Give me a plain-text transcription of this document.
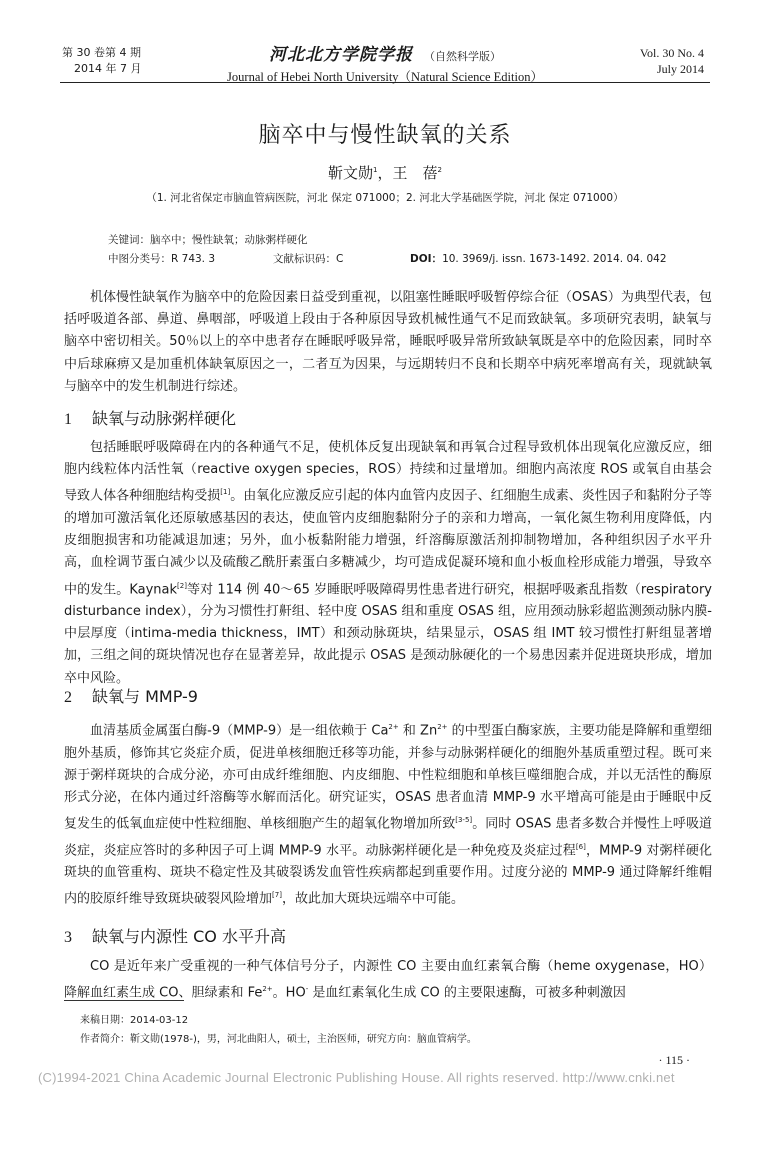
第 30 卷第 4 期
2014 年 7 月
河北北方学院学报 （自然科学版）
Journal of Hebei North University（Natural Science Edition）
Vol. 30 No. 4
July 2014
脑卒中与慢性缺氧的关系
靳文勋$^1$，王　蓓$^2$
（1. 河北省保定市脑血管病医院，河北 保定 071000；2. 河北大学基础医学院，河北 保定 071000）
关键词：脑卒中；慢性缺氧；动脉粥样硬化
中图分类号：R 743. 3	文献标识码：C	DOI：10. 3969/j. issn. 1673-1492. 2014. 04. 042

机体慢性缺氧作为脑卒中的危险因素日益受到重视，以阻塞性睡眠呼吸暂停综合征（OSAS）为典型代表，包括呼吸道各部、鼻道、鼻咽部，呼吸道上段由于各种原因导致机械性通气不足而致缺氧。多项研究表明，缺氧与脑卒中密切相关。50％以上的卒中患者存在睡眠呼吸异常，睡眠呼吸异常所致缺氧既是卒中的危险因素，同时卒中后球麻痹又是加重机体缺氧原因之一，二者互为因果，与远期转归不良和长期卒中病死率增高有关，现就缺氧与脑卒中的发生机制进行综述。

1 缺氧与动脉粥样硬化

包括睡眠呼吸障碍在内的各种通气不足，使机体反复出现缺氧和再氧合过程导致机体出现氧化应激反应，细胞内线粒体内活性氧（reactive oxygen species，ROS）持续和过量增加。细胞内高浓度 ROS 或氧自由基会导致人体各种细胞结构受损[1]。由氧化应激反应引起的体内血管内皮因子、红细胞生成素、炎性因子和黏附分子等的增加可激活氧化还原敏感基因的表达，使血管内皮细胞黏附分子的亲和力增高，一氧化氮生物利用度降低，内皮细胞损害和功能减退加速；另外，血小板黏附能力增强，纤溶酶原激活剂抑制物增加，各种组织因子水平升高，血栓调节蛋白减少以及硫酸乙酰肝素蛋白多糖减少，均可造成促凝环境和血小板血栓形成能力增强，导致卒中的发生。Kaynak[2]等对 114 例 40～65 岁睡眠呼吸障碍男性患者进行研究，根据呼吸紊乱指数（respiratory disturbance index），分为习惯性打鼾组、轻中度 OSAS 组和重度 OSAS 组，应用颈动脉彩超监测颈动脉内膜-中层厚度（intima-media thickness，IMT）和颈动脉斑块，结果显示，OSAS 组 IMT 较习惯性打鼾组显著增加，三组之间的斑块情况也存在显著差异，故此提示 OSAS 是颈动脉硬化的一个易患因素并促进斑块形成，增加卒中风险。

2 缺氧与 MMP-9

血清基质金属蛋白酶-9（MMP-9）是一组依赖于 $Ca^{2+}$ 和 $Zn^{2+}$ 的中型蛋白酶家族，主要功能是降解和重塑细胞外基质，修饰其它炎症介质，促进单核细胞迁移等功能，并参与动脉粥样硬化的细胞外基质重塑过程。既可来源于粥样斑块的合成分泌，亦可由成纤维细胞、内皮细胞、中性粒细胞和单核巨噬细胞合成，并以无活性的酶原形式分泌，在体内通过纤溶酶等水解而活化。研究证实，OSAS 患者血清 MMP-9 水平增高可能是由于睡眠中反复发生的低氧血症使中性粒细胞、单核细胞产生的超氧化物增加所致[3-5]。同时 OSAS 患者多数合并慢性上呼吸道炎症，炎症应答时的多种因子可上调 MMP-9 水平。动脉粥样硬化是一种免疫及炎症过程[6]，MMP-9 对粥样硬化斑块的血管重构、斑块不稳定性及其破裂诱发血管性疾病都起到重要作用。过度分泌的 MMP-9 通过降解纤维帽内的胶原纤维导致斑块破裂风险增加[7]，故此加大斑块远端卒中可能。

3 缺氧与内源性 CO 水平升高

CO 是近年来广受重视的一种气体信号分子，内源性 CO 主要由血红素氧合酶（heme oxygenase，HO）降解血红素生成 CO、胆绿素和 $Fe^{2+}$。HO- 是血红素氧化生成 CO 的主要限速酶，可被多种刺激因

来稿日期：2014-03-12
作者简介：靳文勋(1978-)，男，河北曲阳人，硕士，主治医师，研究方向：脑血管病学。
· 115 ·
(C)1994-2021 China Academic Journal Electronic Publishing House. All rights reserved. http://www.cnki.net
